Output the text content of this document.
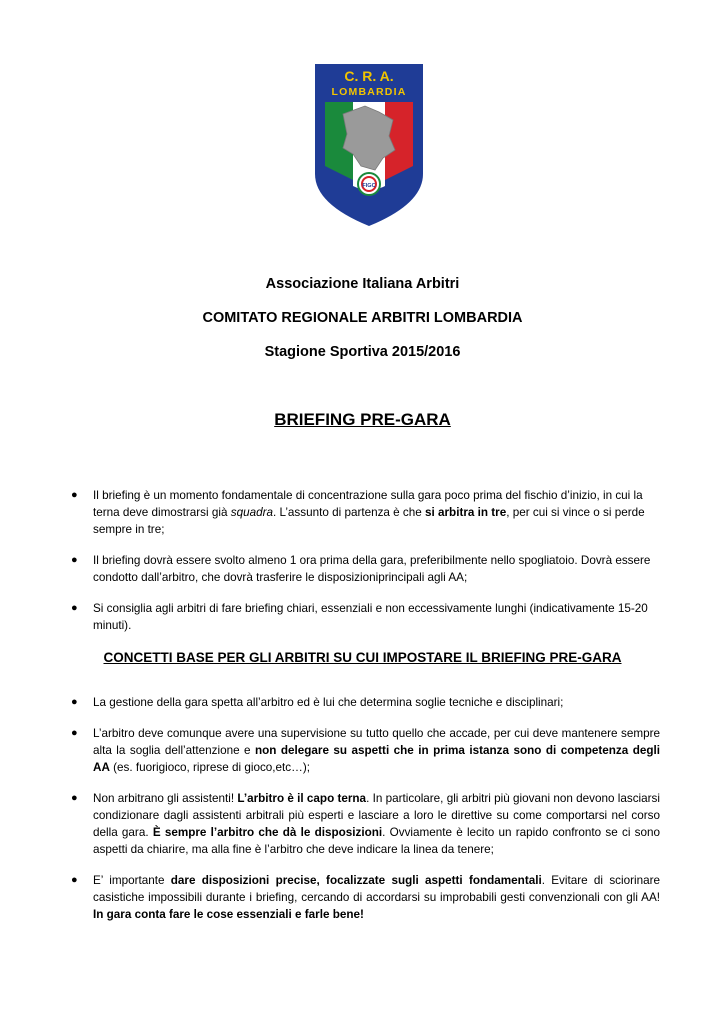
C. R. A.
LOMBARDIA
FIGC
Associazione Italiana Arbitri
COMITATO REGIONALE ARBITRI LOMBARDIA
Stagione Sportiva 2015/2016
BRIEFING PRE-GARA
● Il briefing è un momento fondamentale di concentrazione sulla gara poco prima del fischio d’inizio, in cui la terna deve dimostrarsi già squadra. L’assunto di partenza è che si arbitra in tre, per cui si vince o si perde sempre in tre;
● Il briefing dovrà essere svolto almeno 1 ora prima della gara, preferibilmente nello spogliatoio. Dovrà essere condotto dall’arbitro, che dovrà trasferire le disposizioniprincipali agli AA;
● Si consiglia agli arbitri di fare briefing chiari, essenziali e non eccessivamente lunghi (indicativamente 15-20 minuti).
CONCETTI BASE PER GLI ARBITRI SU CUI IMPOSTARE IL BRIEFING PRE-GARA
● La gestione della gara spetta all’arbitro ed è lui che determina soglie tecniche e disciplinari;
● L’arbitro deve comunque avere una supervisione su tutto quello che accade, per cui deve mantenere sempre alta la soglia dell’attenzione e non delegare su aspetti che in prima istanza sono di competenza degli AA (es. fuorigioco, riprese di gioco,etc…);
● Non arbitrano gli assistenti! L’arbitro è il capo terna. In particolare, gli arbitri più giovani non devono lasciarsi condizionare dagli assistenti arbitrali più esperti e lasciare a loro le direttive su come comportarsi nel corso della gara. È sempre l’arbitro che dà le disposizioni. Ovviamente è lecito un rapido confronto se ci sono aspetti da chiarire, ma alla fine è l’arbitro che deve indicare la linea da tenere;
● E’ importante dare disposizioni precise, focalizzate sugli aspetti fondamentali. Evitare di sciorinare casistiche impossibili durante i briefing, cercando di accordarsi su improbabili gesti convenzionali con gli AA! In gara conta fare le cose essenziali e farle bene!
